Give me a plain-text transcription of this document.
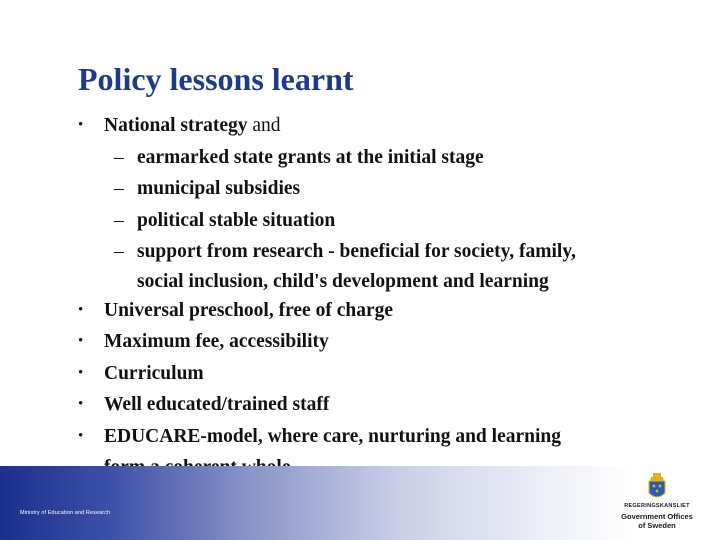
Policy lessons learnt
• National strategy and
– earmarked state grants at the initial stage
– municipal subsidies
– political stable situation
– support from research - beneficial for society, family,
social inclusion, child's development and learning
• Universal preschool, free of charge
• Maximum fee, accessibility
• Curriculum
• Well educated/trained staff
• EDUCARE-model, where care, nurturing and learning

Ministry of Education and Research
REGERINGSKANSLIET
Government Offices
of Sweden
